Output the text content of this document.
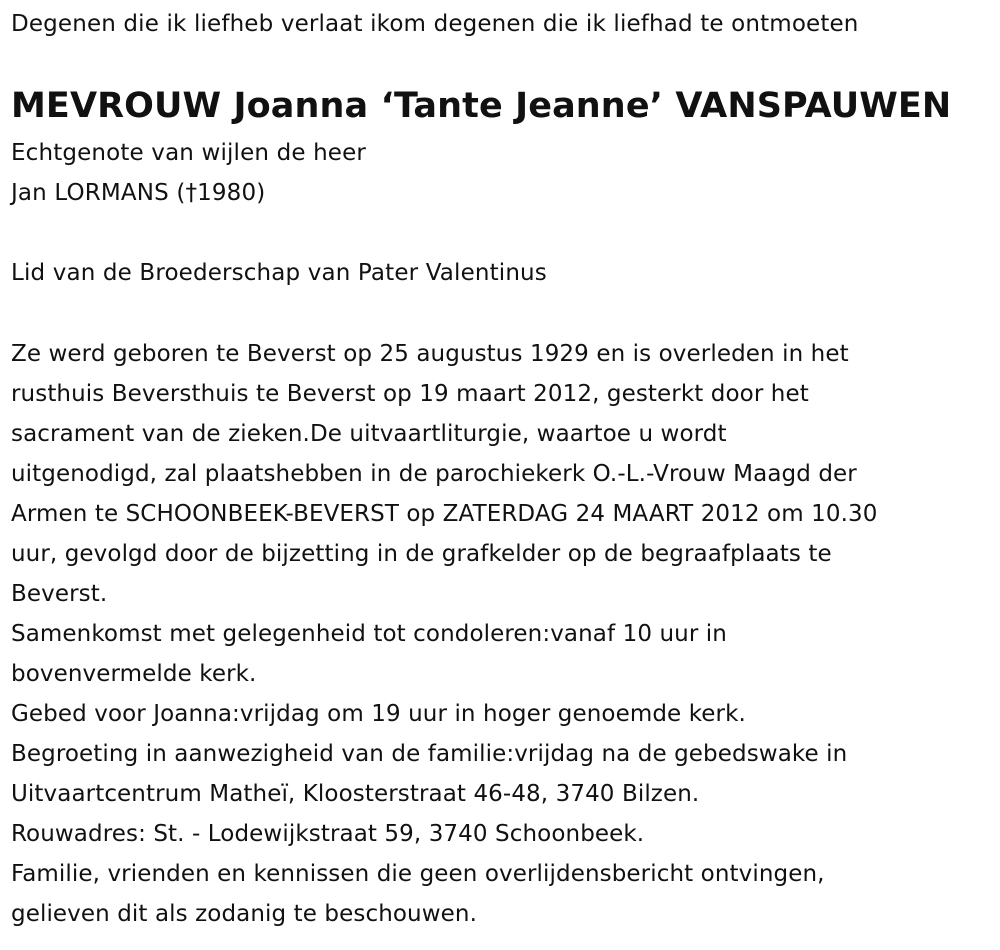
Degenen die ik liefheb verlaat ikom degenen die ik liefhad te ontmoeten
MEVROUW Joanna ‘Tante Jeanne’ VANSPAUWEN
Echtgenote van wijlen de heer
Jan LORMANS (†1980)
Lid van de Broederschap van Pater Valentinus
Ze werd geboren te Beverst op 25 augustus 1929 en is overleden in het
rusthuis Beversthuis te Beverst op 19 maart 2012, gesterkt door het
sacrament van de zieken.De uitvaartliturgie, waartoe u wordt
uitgenodigd, zal plaatshebben in de parochiekerk O.-L.-Vrouw Maagd der
Armen te SCHOONBEEK-BEVERST op ZATERDAG 24 MAART 2012 om 10.30
uur, gevolgd door de bijzetting in de grafkelder op de begraafplaats te
Beverst.
Samenkomst met gelegenheid tot condoleren:vanaf 10 uur in
bovenvermelde kerk.
Gebed voor Joanna:vrijdag om 19 uur in hoger genoemde kerk.
Begroeting in aanwezigheid van de familie:vrijdag na de gebedswake in
Uitvaartcentrum Matheï, Kloosterstraat 46-48, 3740 Bilzen.
Rouwadres: St. - Lodewijkstraat 59, 3740 Schoonbeek.
Familie, vrienden en kennissen die geen overlijdensbericht ontvingen,
gelieven dit als zodanig te beschouwen.
